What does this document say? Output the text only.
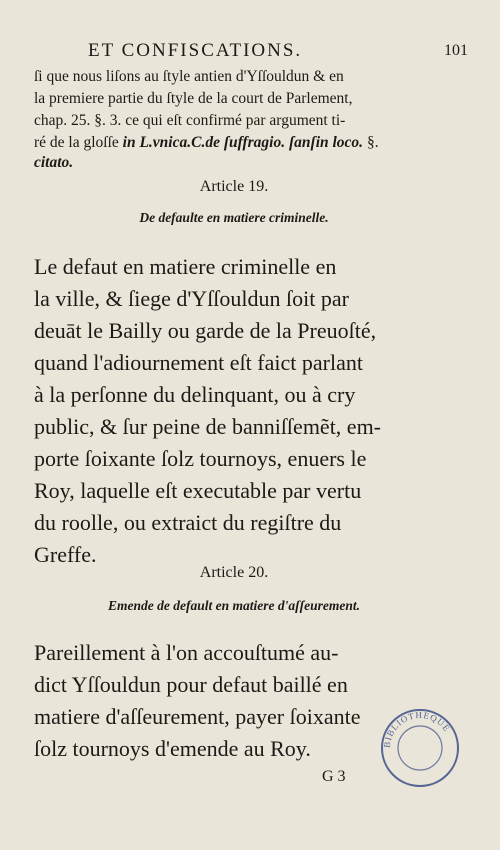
ET CONFISCATIONS.	101
ſi que nous liſons au ſtyle antien d'Yſſouldun & en
la premiere partie du ſtyle de la court de Parlement,
chap. 25. §. 3. ce qui eſt confirmé par argument ti-
ré de la gloſſe in L.vnica.C.de ſuffragio. ſanſin loco. §.
citato.
Article 19.
De defaulte en matiere criminelle.
Le defaut en matiere criminelle en
la ville, & ſiege d'Yſſouldun ſoit par
deuāt le Bailly ou garde de la Preuoſté,
quand l'adiournement eſt faict parlant
à la perſonne du delinquant, ou à cry
public, & ſur peine de banniſſemẽt, em-
porte ſoixante ſolz tournoys, enuers le
Roy, laquelle eſt executable par vertu
du roolle, ou extraict du regiſtre du
Greffe.
Article 20.
Emende de default en matiere d'aſſeurement.
Pareillement à l'on accouſtumé au-
dict Yſſouldun pour defaut baillé en
matiere d'aſſeurement, payer ſoixante
ſolz tournoys d'emende au Roy.
G 3
BIBLIOTHEQUE
